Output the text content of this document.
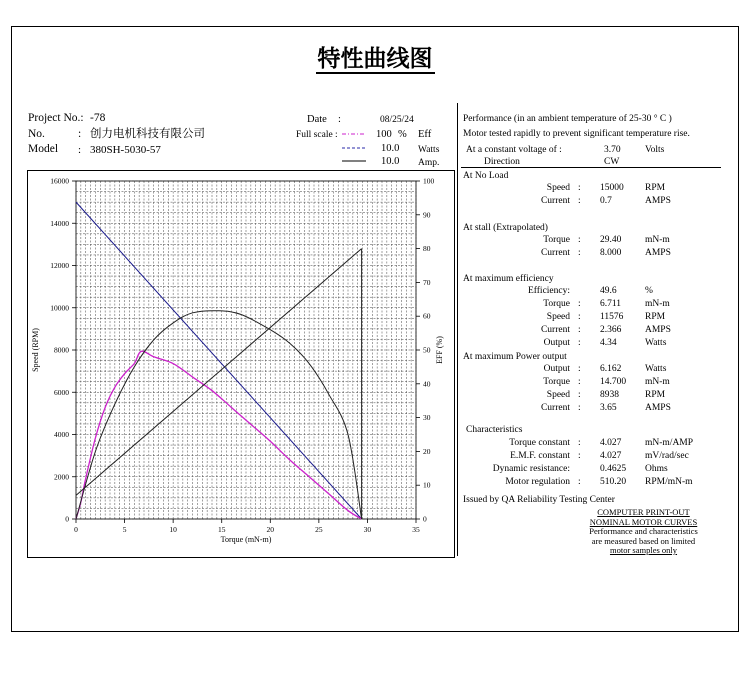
特性曲线图
Project No.: -78
No.	: 创力电机科技有限公司
Model : 380SH-5030-57
Date :	08/25/24
Full scale :	100 % Eff
10.0 Watts
10.0 Amp.
Performance (in an ambient temperature of 25-30 ° C )
Motor tested rapidly to prevent significant temperature rise.
At a constant voltage of :	3.70	Volts
Direction	CW
At No Load
Speed : 15000 RPM
Current : 0.7	AMPS
At stall (Extrapolated)
Torque : 29.40 mN-m
Current : 8.000 AMPS
At maximum efficiency
Efficiency:	49.6	%
Torque : 6.711	mN-m
Speed : 11576 RPM
Current : 2.366 AMPS
Output : 4.34	Watts
At maximum Power output
Output : 6.162 Watts
Torque : 14.700 mN-m
Speed : 8938	RPM
Current : 3.65	AMPS
Characteristics
Torque constant : 4.027 mN-m/AMP
E.M.F. constant : 4.027 mV/rad/sec
Dynamic resistance:	0.4625 Ohms
Motor regulation : 510.20 RPM/mN-m
Issued by QA Reliability Testing Center
COMPUTER PRINT-OUT
NOMINAL MOTOR CURVES
Performance and characteristics
are measured based on limited
motor samples only
0	5	10	15	20	25	30	35
0
2000
4000
6000
8000
10000
12000
14000
16000
0
10
20
30
40
50
60
70
80
90
100
Torque (mN-m)
Speed (RPM)	EFF (%)
